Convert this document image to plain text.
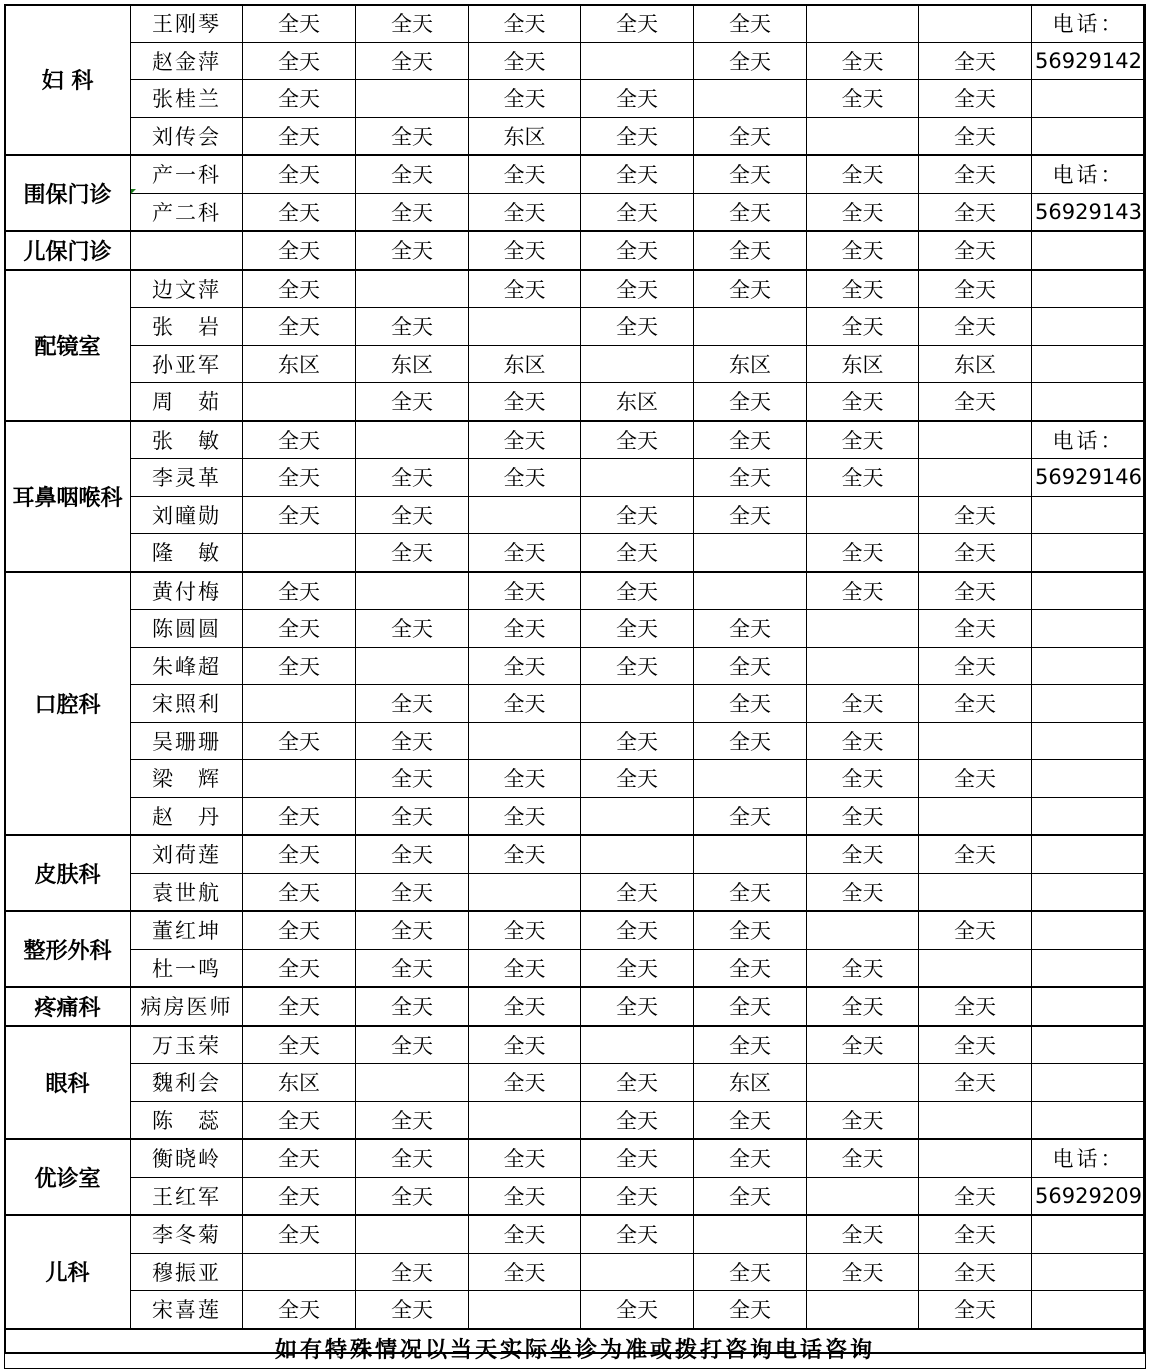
妇 科	王刚琴	全天	全天	全天	全天	全天			电话：
	赵金萍	全天	全天	全天		全天	全天	全天	56929142
	张桂兰	全天		全天	全天		全天	全天	
	刘传会	全天	全天	东区	全天	全天		全天	
围保门诊	产一科	全天	全天	全天	全天	全天	全天	全天	电话：
	产二科	全天	全天	全天	全天	全天	全天	全天	56929143
儿保门诊		全天	全天	全天	全天	全天	全天	全天	
配镜室	边文萍	全天		全天	全天	全天	全天	全天	
	张　岩	全天	全天		全天		全天	全天	
	孙亚军	东区	东区	东区		东区	东区	东区	
	周　茹		全天	全天	东区	全天	全天	全天	
耳鼻咽喉科	张　敏	全天		全天	全天	全天	全天		电话：
	李灵革	全天	全天	全天		全天	全天		56929146
	刘曈勋	全天	全天		全天	全天		全天	
	隆　敏		全天	全天	全天		全天	全天	
口腔科	黄付梅	全天		全天	全天		全天	全天	
	陈圆圆	全天	全天	全天	全天	全天		全天	
	朱峰超	全天		全天	全天	全天		全天	
	宋照利		全天	全天		全天	全天	全天	
	吴珊珊	全天	全天		全天	全天	全天		
	梁　辉		全天	全天	全天		全天	全天	
	赵　丹	全天	全天	全天		全天	全天		
皮肤科	刘荷莲	全天	全天	全天			全天	全天	
	袁世航	全天	全天		全天	全天	全天		
整形外科	董红坤	全天	全天	全天	全天	全天		全天	
	杜一鸣	全天	全天	全天	全天	全天	全天		
疼痛科	病房医师	全天	全天	全天	全天	全天	全天	全天	
眼科	万玉荣	全天	全天	全天		全天	全天	全天	
	魏利会	东区		全天	全天	东区		全天	
	陈　蕊	全天	全天		全天	全天	全天		
优诊室	衡晓岭	全天	全天	全天	全天	全天	全天		电话：
	王红军	全天	全天	全天	全天	全天		全天	56929209
儿科	李冬菊	全天		全天	全天		全天	全天	
	穆振亚		全天	全天		全天	全天	全天	
	宋喜莲	全天	全天		全天	全天		全天	
如有特殊情况以当天实际坐诊为准或拨打咨询电话咨询									
